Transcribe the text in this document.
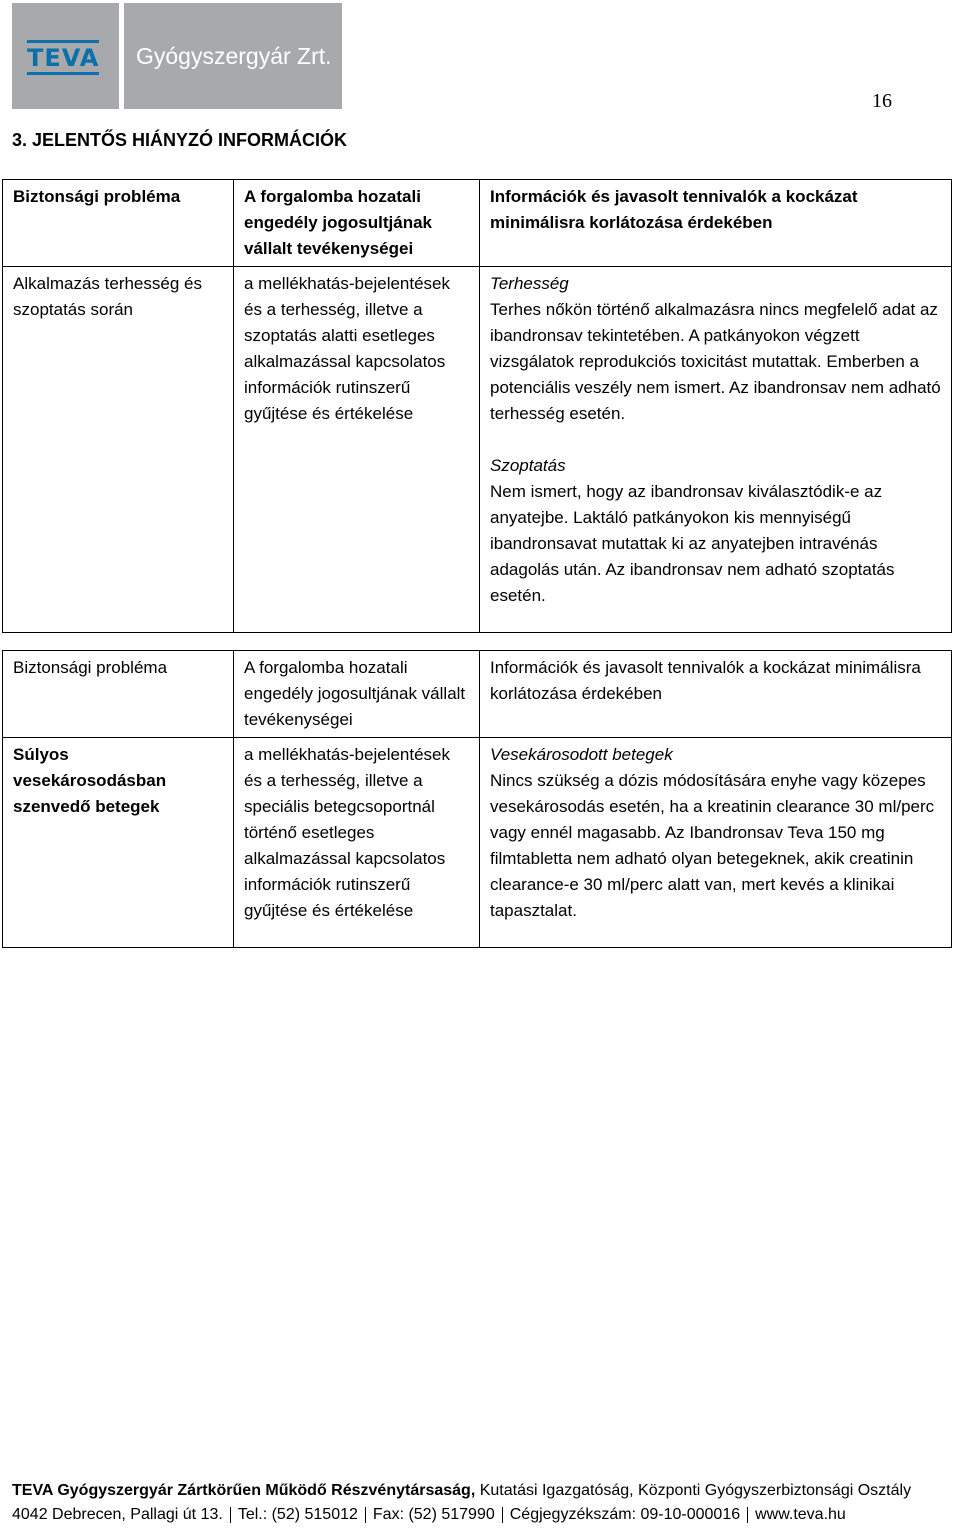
TEVA Gyógyszergyár Zrt.
16
3. JELENTŐS HIÁNYZÓ INFORMÁCIÓK
Biztonsági probléma	A forgalomba hozatali engedély jogosultjának vállalt tevékenységei	Információk és javasolt tennivalók a kockázat minimálisra korlátozása érdekében
Alkalmazás terhesség és szoptatás során	a mellékhatás-bejelentések és a terhesség, illetve a szoptatás alatti esetleges alkalmazással kapcsolatos információk rutinszerű gyűjtése és értékelése	Terhesség
Terhes nőkön történő alkalmazásra nincs megfelelő adat az ibandronsav tekintetében. A patkányokon végzett vizsgálatok reprodukciós toxicitást mutattak. Emberben a potenciális veszély nem ismert. Az ibandronsav nem adható terhesség esetén.
Szoptatás
Nem ismert, hogy az ibandronsav kiválasztódik-e az anyatejbe. Laktáló patkányokon kis mennyiségű ibandronsavat mutattak ki az anyatejben intravénás adagolás után. Az ibandronsav nem adható szoptatás esetén.
Biztonsági probléma	A forgalomba hozatali engedély jogosultjának vállalt tevékenységei	Információk és javasolt tennivalók a kockázat minimálisra korlátozása érdekében
Súlyos vesekárosodásban szenvedő betegek	a mellékhatás-bejelentések és a terhesség, illetve a speciális betegcsoportnál történő esetleges alkalmazással kapcsolatos információk rutinszerű gyűjtése és értékelése	Vesekárosodott betegek
Nincs szükség a dózis módosítására enyhe vagy közepes vesekárosodás esetén, ha a kreatinin clearance 30 ml/perc vagy ennél magasabb. Az Ibandronsav Teva 150 mg filmtabletta nem adható olyan betegeknek, akik creatinin clearance-e 30 ml/perc alatt van, mert kevés a klinikai tapasztalat.
TEVA Gyógyszergyár Zártkörűen Működő Részvénytársaság, Kutatási Igazgatóság, Központi Gyógyszerbiztonsági Osztály
4042 Debrecen, Pallagi út 13. Tel.: (52) 515012 Fax: (52) 517990 Cégjegyzékszám: 09-10-000016 www.teva.hu
